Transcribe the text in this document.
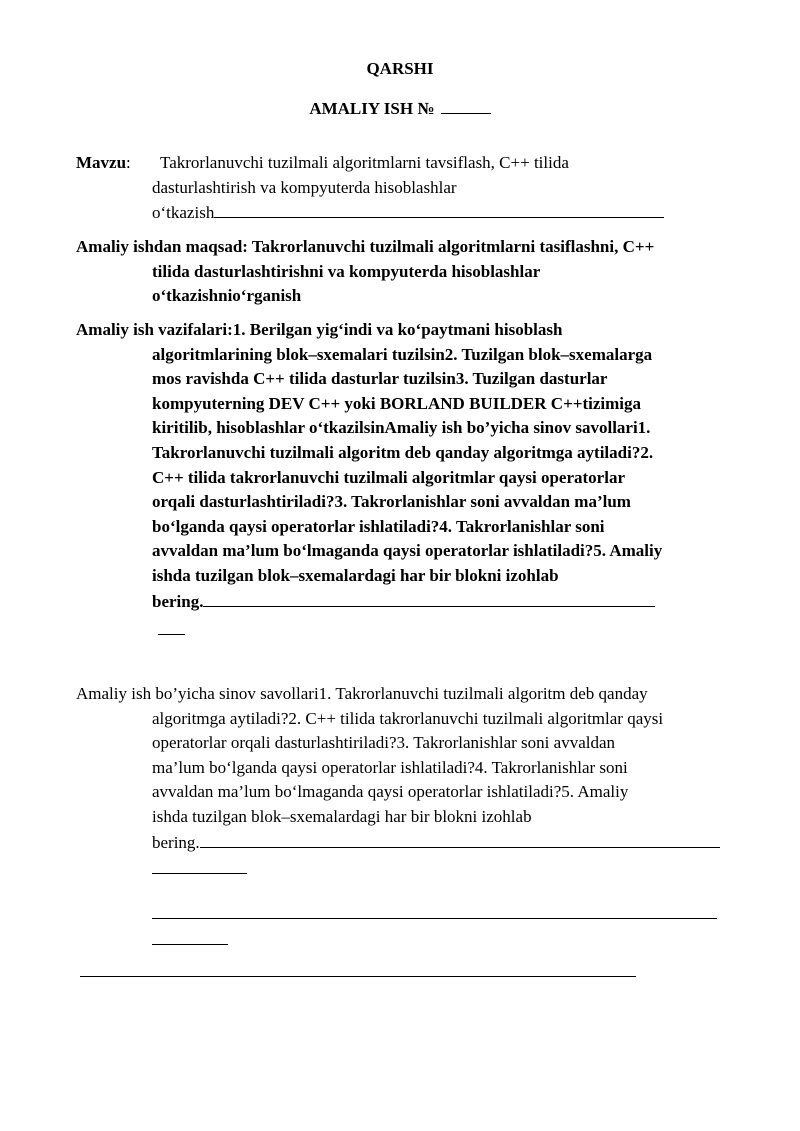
QARSHI
AMALIY ISH №
Mavzu: Takrorlanuvchi tuzilmali algoritmlarni tavsiflash, C++ tilida
dasturlashtirish va kompyuterda hisoblashlar
o‘tkazish
Amaliy ishdan maqsad: Takrorlanuvchi tuzilmali algoritmlarni tasiflashni, C++
tilida dasturlashtirishni va kompyuterda hisoblashlar
o‘tkazishnio‘rganish
Amaliy ish vazifalari:1. Berilgan yig‘indi va ko‘paytmani hisoblash
algoritmlarining blok–sxemalari tuzilsin2. Tuzilgan blok–sxemalarga
mos ravishda C++ tilida dasturlar tuzilsin3. Tuzilgan dasturlar
kompyuterning DEV C++ yoki BORLAND BUILDER C++tizimiga
kiritilib, hisoblashlar o‘tkazilsinAmaliy ish bo’yicha sinov savollari1.
Takrorlanuvchi tuzilmali algoritm deb qanday algoritmga aytiladi?2.
C++ tilida takrorlanuvchi tuzilmali algoritmlar qaysi operatorlar
orqali dasturlashtiriladi?3. Takrorlanishlar soni avvaldan ma’lum
bo‘lganda qaysi operatorlar ishlatiladi?4. Takrorlanishlar soni
avvaldan ma’lum bo‘lmaganda qaysi operatorlar ishlatiladi?5. Amaliy
ishda tuzilgan blok–sxemalardagi har bir blokni izohlab
bering.
Amaliy ish bo’yicha sinov savollari1. Takrorlanuvchi tuzilmali algoritm deb qanday
algoritmga aytiladi?2. C++ tilida takrorlanuvchi tuzilmali algoritmlar qaysi
operatorlar orqali dasturlashtiriladi?3. Takrorlanishlar soni avvaldan
ma’lum bo‘lganda qaysi operatorlar ishlatiladi?4. Takrorlanishlar soni
avvaldan ma’lum bo‘lmaganda qaysi operatorlar ishlatiladi?5. Amaliy
ishda tuzilgan blok–sxemalardagi har bir blokni izohlab
bering.
